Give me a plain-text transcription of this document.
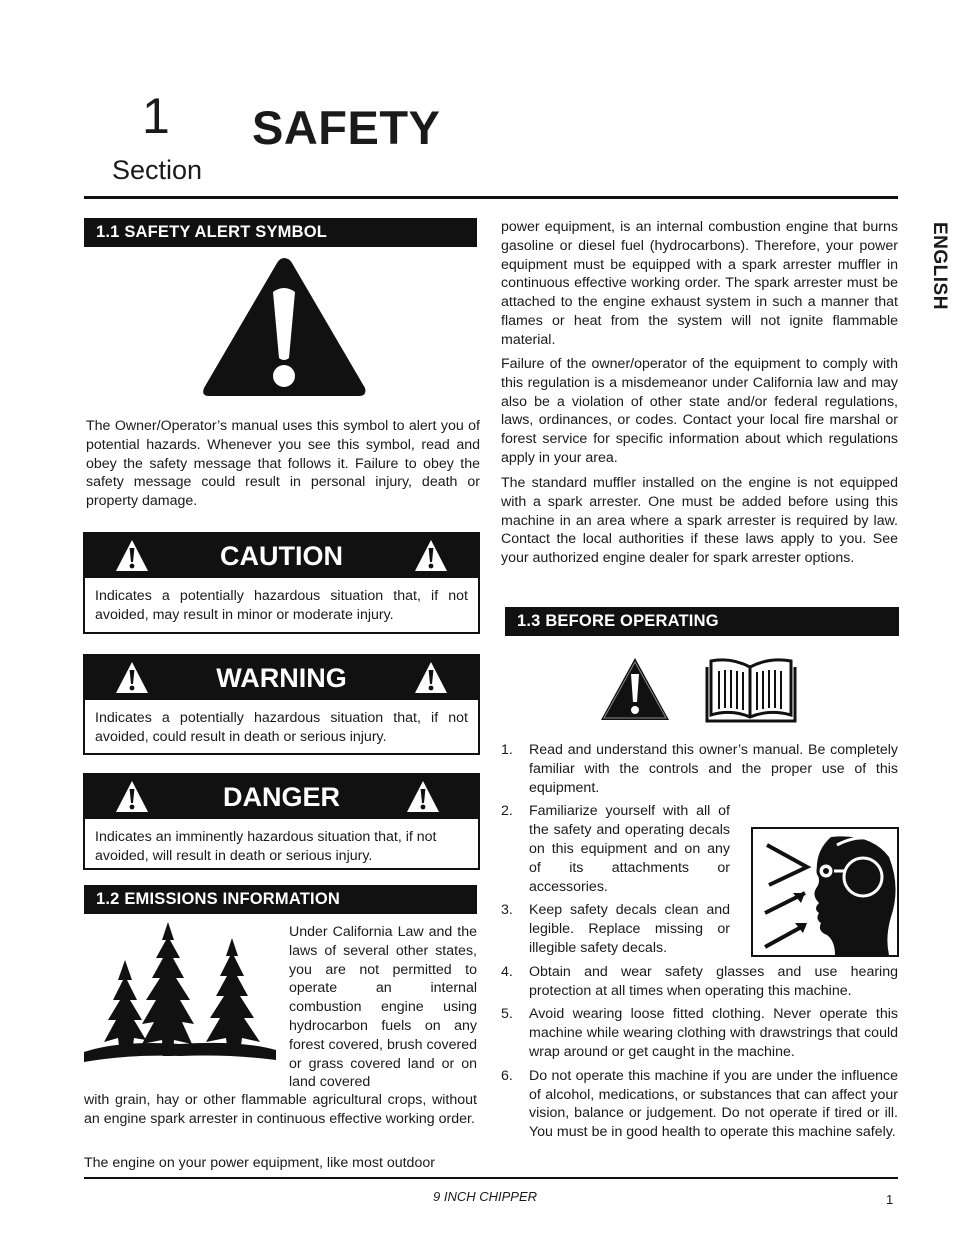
1
Section
SAFETY
ENGLISH
1.1 SAFETY ALERT SYMBOL

The Owner/Operator’s manual uses this symbol to alert you of potential hazards. Whenever you see this symbol, read and obey the safety message that follows it. Failure to obey the safety message could result in personal injury, death or property damage.

CAUTION
Indicates a potentially hazardous situation that, if not avoided, may result in minor or moderate injury.
WARNING
Indicates a potentially hazardous situation that, if not avoided, could result in death or serious injury.
DANGER
Indicates an imminently hazardous situation that, if not avoided, will result in death or serious injury.
1.2 EMISSIONS INFORMATION

Under California Law and the laws of several other states, you are not permitted to operate an internal combustion engine using hydrocarbon fuels on any forest covered, brush covered or grass covered land or on land covered

with grain, hay or other flammable agricultural crops, without an engine spark arrester in continuous effective working order.

The engine on your power equipment, like most outdoor

power equipment, is an internal combustion engine that burns gasoline or diesel fuel (hydrocarbons). Therefore, your power equipment must be equipped with a spark arrester muffler in continuous effective working order. The spark arrester must be attached to the engine exhaust system in such a manner that flames or heat from the system will not ignite flammable material.

Failure of the owner/operator of the equipment to comply with this regulation is a misdemeanor under California law and may also be a violation of other state and/or federal regulations, laws, ordinances, or codes. Contact your local fire marshal or forest service for specific information about which regulations apply in your area.

The standard muffler installed on the engine is not equipped with a spark arrester. One must be added before using this machine in an area where a spark arrester is required by law. Contact the local authorities if these laws apply to you. See your authorized engine dealer for spark arrester options.

1.3 BEFORE OPERATING
1. Read and understand this owner’s manual. Be completely familiar with the controls and the proper use of this equipment.
2. Familiarize yourself with all of the safety and operating decals on this equipment and on any of its attachments or accessories.
3. Keep safety decals clean and legible. Replace missing or illegible safety decals.
4. Obtain and wear safety glasses and use hearing protection at all times when operating this machine.
5. Avoid wearing loose fitted clothing. Never operate this machine while wearing clothing with drawstrings that could wrap around or get caught in the machine.
6. Do not operate this machine if you are under the influence of alcohol, medications, or substances that can affect your vision, balance or judgement. Do not operate if tired or ill. You must be in good health to operate this machine safely.
9 INCH CHIPPER	1
